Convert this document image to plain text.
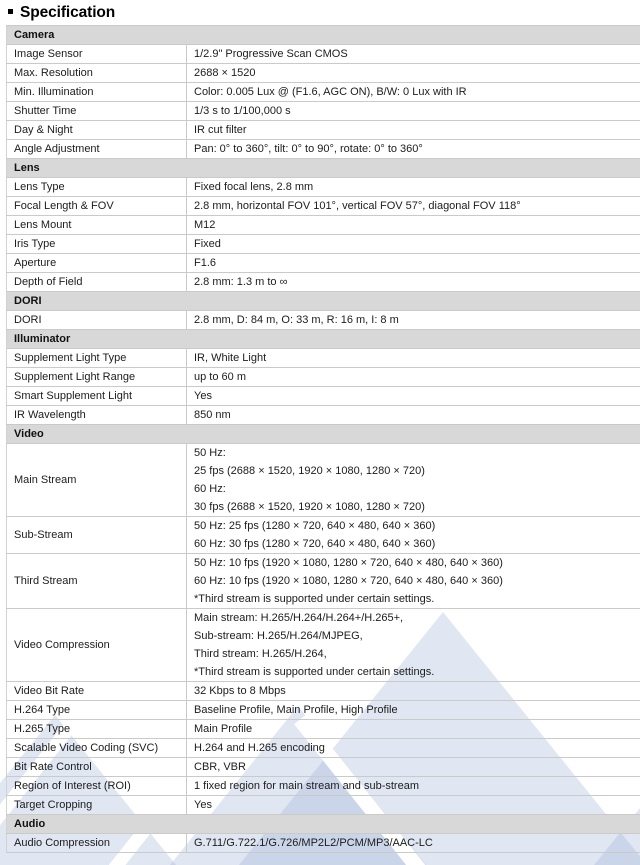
Specification
Camera	

Image Sensor	1/2.9" Progressive Scan CMOS

Max. Resolution	2688 × 1520

Min. Illumination	Color: 0.005 Lux @ (F1.6, AGC ON), B/W: 0 Lux with IR

Shutter Time	1/3 s to 1/100,000 s

Day & Night	IR cut filter

Angle Adjustment	Pan: 0° to 360°, tilt: 0° to 90°, rotate: 0° to 360°

Lens	

Lens Type	Fixed focal lens, 2.8 mm

Focal Length & FOV	2.8 mm, horizontal FOV 101°, vertical FOV 57°, diagonal FOV 118°

Lens Mount	M12

Iris Type	Fixed

Aperture	F1.6

Depth of Field	2.8 mm: 1.3 m to ∞

DORI	

DORI	2.8 mm, D: 84 m, O: 33 m, R: 16 m, I: 8 m

Illuminator	

Supplement Light Type	IR, White Light

Supplement Light Range	up to 60 m

Smart Supplement Light	Yes

IR Wavelength	850 nm

Video	

Main Stream	50 Hz:
25 fps (2688 × 1520, 1920 × 1080, 1280 × 720)
60 Hz:
30 fps (2688 × 1520, 1920 × 1080, 1280 × 720)

Sub-Stream	50 Hz: 25 fps (1280 × 720, 640 × 480, 640 × 360)
60 Hz: 30 fps (1280 × 720, 640 × 480, 640 × 360)

Third Stream	50 Hz: 10 fps (1920 × 1080, 1280 × 720, 640 × 480, 640 × 360)
60 Hz: 10 fps (1920 × 1080, 1280 × 720, 640 × 480, 640 × 360)
*Third stream is supported under certain settings.

Video Compression	Main stream: H.265/H.264/H.264+/H.265+,
Sub-stream: H.265/H.264/MJPEG,
Third stream: H.265/H.264,
*Third stream is supported under certain settings.

Video Bit Rate	32 Kbps to 8 Mbps

H.264 Type	Baseline Profile, Main Profile, High Profile

H.265 Type	Main Profile

Scalable Video Coding (SVC)	H.264 and H.265 encoding

Bit Rate Control	CBR, VBR

Region of Interest (ROI)	1 fixed region for main stream and sub-stream

Target Cropping	Yes

Audio	

Audio Compression	G.711/G.722.1/G.726/MP2L2/PCM/MP3/AAC-LC
